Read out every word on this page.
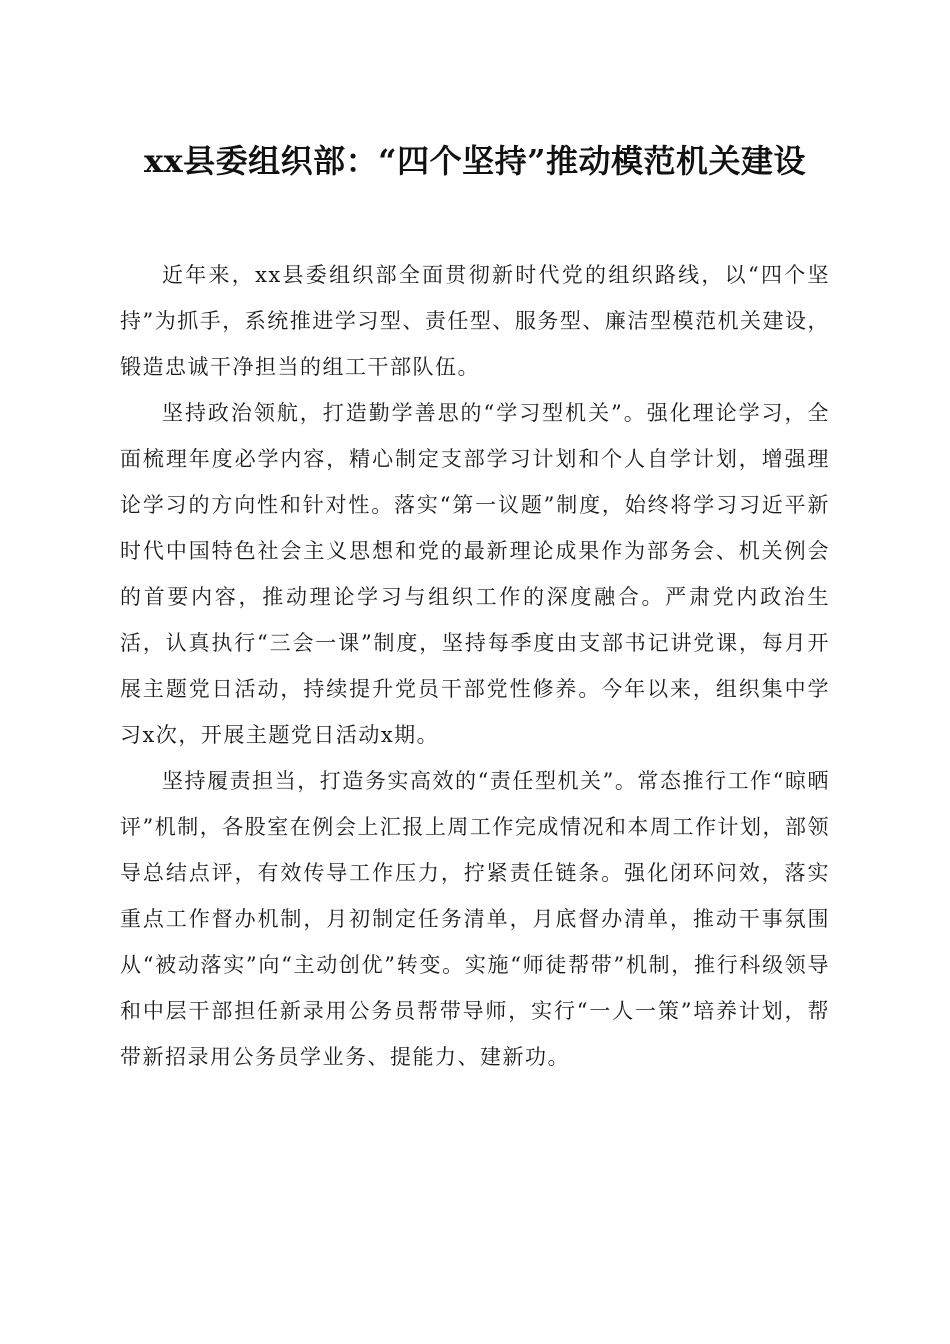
xx县委组织部：“四个坚持”推动模范机关建设

近年来，xx县委组织部全面贯彻新时代党的组织路线，以“四个坚持”为抓手，系统推进学习型、责任型、服务型、廉洁型模范机关建设，锻造忠诚干净担当的组工干部队伍。

坚持政治领航，打造勤学善思的“学习型机关”。强化理论学习，全面梳理年度必学内容，精心制定支部学习计划和个人自学计划，增强理论学习的方向性和针对性。落实“第一议题”制度，始终将学习习近平新时代中国特色社会主义思想和党的最新理论成果作为部务会、机关例会的首要内容，推动理论学习与组织工作的深度融合。严肃党内政治生活，认真执行“三会一课”制度，坚持每季度由支部书记讲党课，每月开展主题党日活动，持续提升党员干部党性修养。今年以来，组织集中学习x次，开展主题党日活动x期。

坚持履责担当，打造务实高效的“责任型机关”。常态推行工作“晾晒评”机制，各股室在例会上汇报上周工作完成情况和本周工作计划，部领导总结点评，有效传导工作压力，拧紧责任链条。强化闭环问效，落实重点工作督办机制，月初制定任务清单，月底督办清单，推动干事氛围从“被动落实”向“主动创优”转变。实施“师徒帮带”机制，推行科级领导和中层干部担任新录用公务员帮带导师，实行“一人一策”培养计划，帮带新招录用公务员学业务、提能力、建新功。
